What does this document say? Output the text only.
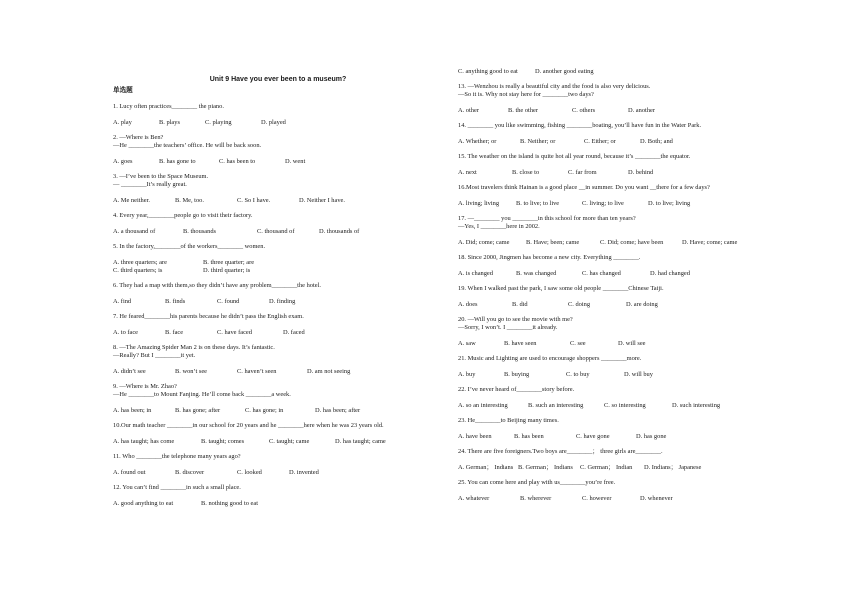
Unit 9 Have you ever been to a museum?
单选题
1. Lucy often practices________ the piano.
A. play	B. plays	C. playing	D. played
2. —Where is Ben?
—He ________the teachers’ office. He will be back soon.
A. goes	B. has gone to	C. has been to	D. went
3. —I’ve been to the Space Museum.
— ________It’s really great.
A. Me neither.	B. Me, too.	C. So I have.	D. Neither I have.
4. Every year,________people go to visit their factory.
A. a thousand of	B. thousands	C. thousand of	D. thousands of
5. In the factory,________of the workers________ women.
A. three quarters; are	B. three quarter; are
C. third quarters; is	D. third quarter; is
6. They had a map with them,so they didn’t have any problem________the hotel.
A. find	B. finds	C. found	D. finding
7. He feared________his parents because he didn’t pass the English exam.
A. to face	B. face	C. have faced	D. faced
8. —The Amazing Spider Man 2 is on these days. It’s fantastic.
—Really? But I ________it yet.
A. didn’t see	B. won’t see	C. haven’t seen	D. am not seeing
9. —Where is Mr. Zhao?
—He ________to Mount Fanjing. He’ll come back ________a week.
A. has been; in	B. has gone; after	C. has gone; in	D. has been; after
10.Our math teacher ________in our school for 20 years and he ________here when he was 23 years old.
A. has taught; has come	B. taught; comes	C. taught; came	D. has taught; came
11. Who ________the telephone many years ago?
A. found out	B. discover	C. looked	D. invented
12. You can’t find ________in such a small place.
A. good anything to eat	B. nothing good to eat
C. anything good to eat	D. another good eating
13. —Wenzhou is really a beautiful city and the food is also very delicious.
—So it is. Why not stay here for ________two days?
A. other	B. the other	C. others	D. another
14. ________ you like swimming, fishing ________boating, you’ll have fun in the Water Park.
A. Whether; or	B. Neither; or	C. Either; or	D. Both; and
15. The weather on the island is quite hot all year round, because it’s ________the equator.
A. next	B. close to	C. far from	D. behind
16.Most travelers think Hainan is a good place __in summer. Do you want __there for a few days?
A. living; living	B. to live; to live	C. living; to live	D. to live; living
17. —________ you ________in this school for more than ten years?
—Yes, I ________here in 2002.
A. Did; come; came	B. Have; been; came	C. Did; come; have been	D. Have; come; came
18. Since 2000, Jingmen has become a new city. Everything ________.
A. is changed	B. was changed	C. has changed	D. had changed
19. When I walked past the park, I saw some old people ________Chinese Taiji.
A. does	B. did	C. doing	D. are doing
20. —Will you go to see the movie with me?
—Sorry, I won’t. I ________it already.
A. saw	B. have seen	C. see	D. will see
21. Music and Lighting are used to encourage shoppers ________more.
A. buy	B. buying	C. to buy	D. will buy
22. I’ve never heard of________story before.
A. so an interesting	B. such an interesting	C. so interesting	D. such interesting
23. He________to Beijing many times.
A. have been	B. has been	C. have gone	D. has gone
24. There are five foreigners.Two boys are________； three girls are________.
A. German； Indians B. German； Indians	C. German； Indian	D. Indians； Japanese
25. You can come here and play with us________you’re free.
A. whatever	B. wherever	C. however	D. whenever
